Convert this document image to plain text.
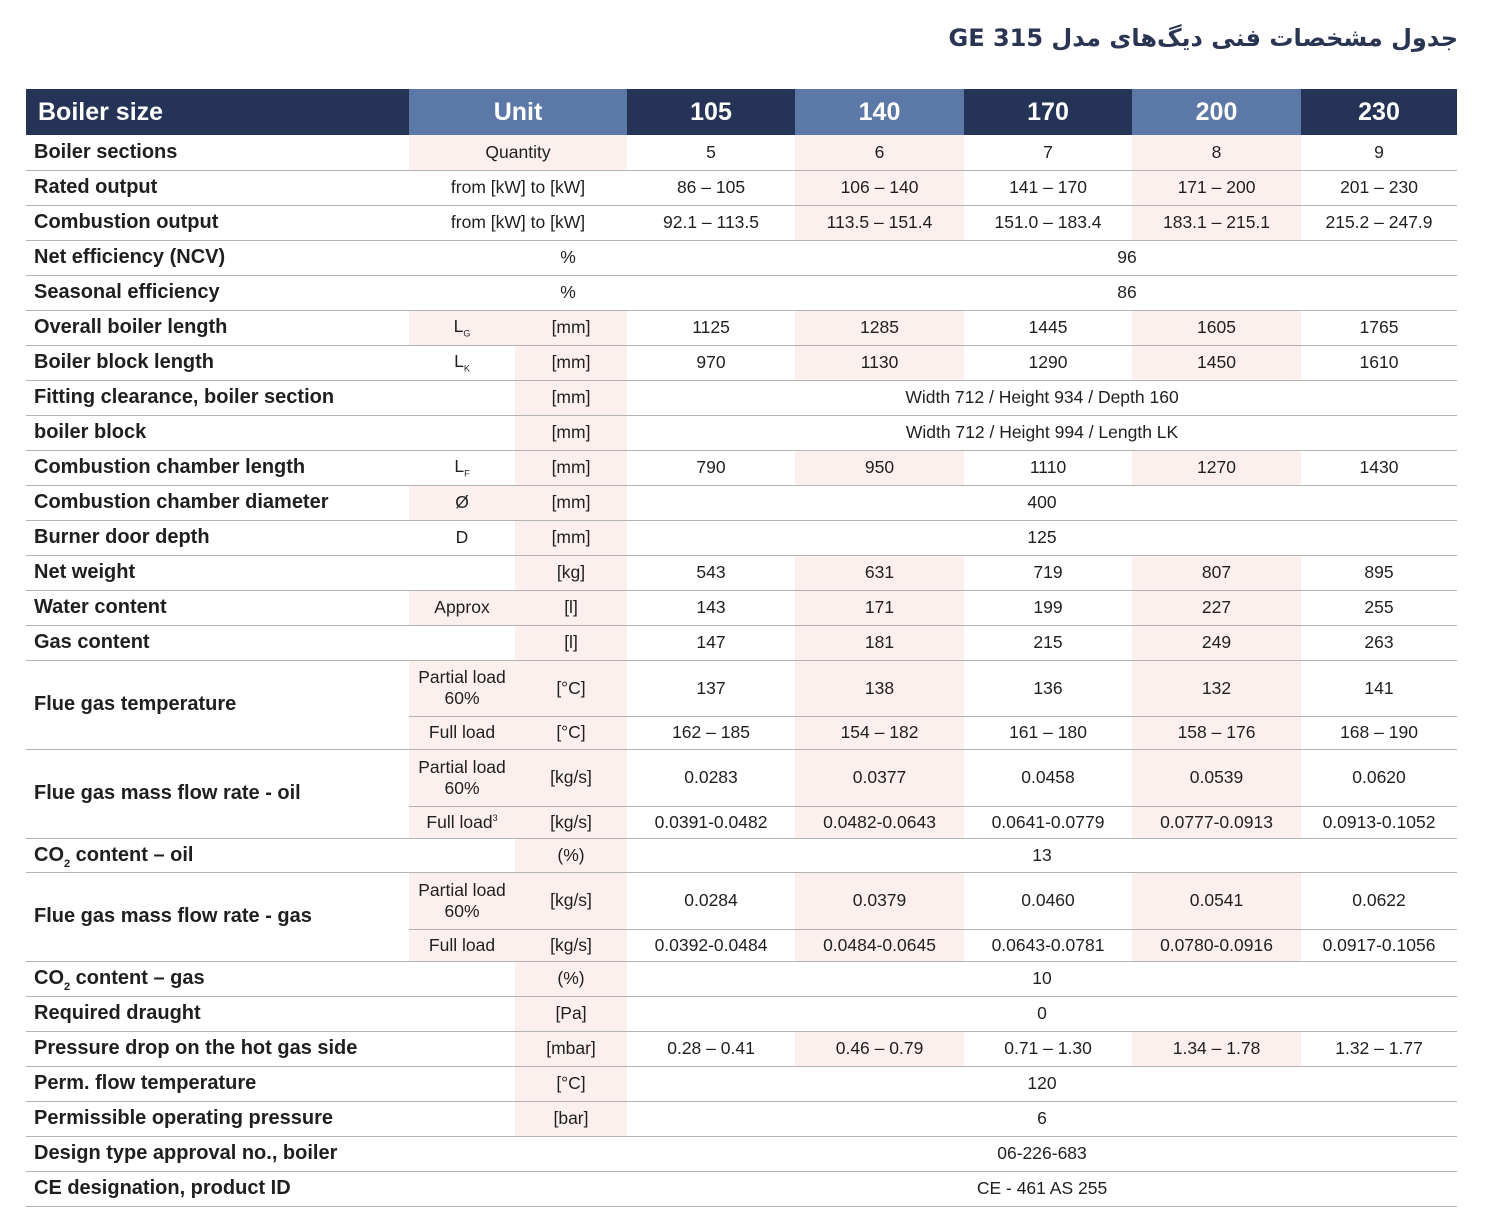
جدول مشخصات فنی دیگ‌های مدل GE 315
Boiler size	Unit		105	140	170	200	230
Boiler sections	Quantity		5	6	7	8	9
Rated output	from [kW] to [kW]		86 – 105	106 – 140	141 – 170	171 – 200	201 – 230
Combustion output	from [kW] to [kW]		92.1 – 113.5	113.5 – 151.4	151.0 – 183.4	183.1 – 215.1	215.2 – 247.9
Net efficiency (NCV)	%		96				
Seasonal efficiency	%		86				
Overall boiler length	$L_G$	[mm]	1125	1285	1445	1605	1765
Boiler block length	$L_K$	[mm]	970	1130	1290	1450	1610
Fitting clearance, boiler section		[mm]	Width 712 / Height 934 / Depth 160				
boiler block		[mm]	Width 712 / Height 994 / Length LK				
Combustion chamber length	$L_F$	[mm]	790	950	1110	1270	1430
Combustion chamber diameter	Ø	[mm]	400				
Burner door depth	D	[mm]	125				
Net weight		[kg]	543	631	719	807	895
Water content	Approx	[l]	143	171	199	227	255
Gas content		[l]	147	181	215	249	263
Flue gas temperature	Partial load 60%	[°C]	137	138	136	132	141
	Full load	[°C]	162 – 185	154 – 182	161 – 180	158 – 176	168 – 190
Flue gas mass flow rate - oil	Partial load 60%	[kg/s]	0.0283	0.0377	0.0458	0.0539	0.0620
	Full load$^3$	[kg/s]	0.0391-0.0482	0.0482-0.0643	0.0641-0.0779	0.0777-0.0913	0.0913-0.1052
$CO_2$ content – oil		(%)	13				
Flue gas mass flow rate - gas	Partial load 60%	[kg/s]	0.0284	0.0379	0.0460	0.0541	0.0622
	Full load	[kg/s]	0.0392-0.0484	0.0484-0.0645	0.0643-0.0781	0.0780-0.0916	0.0917-0.1056
$CO_2$ content – gas		(%)	10				
Required draught		[Pa]	0				
Pressure drop on the hot gas side		[mbar]	0.28 – 0.41	0.46 – 0.79	0.71 – 1.30	1.34 – 1.78	1.32 – 1.77
Perm. flow temperature		[°C]	120				
Permissible operating pressure		[bar]	6				
Design type approval no., boiler			06-226-683				
CE designation, product ID			CE - 461 AS 255				
